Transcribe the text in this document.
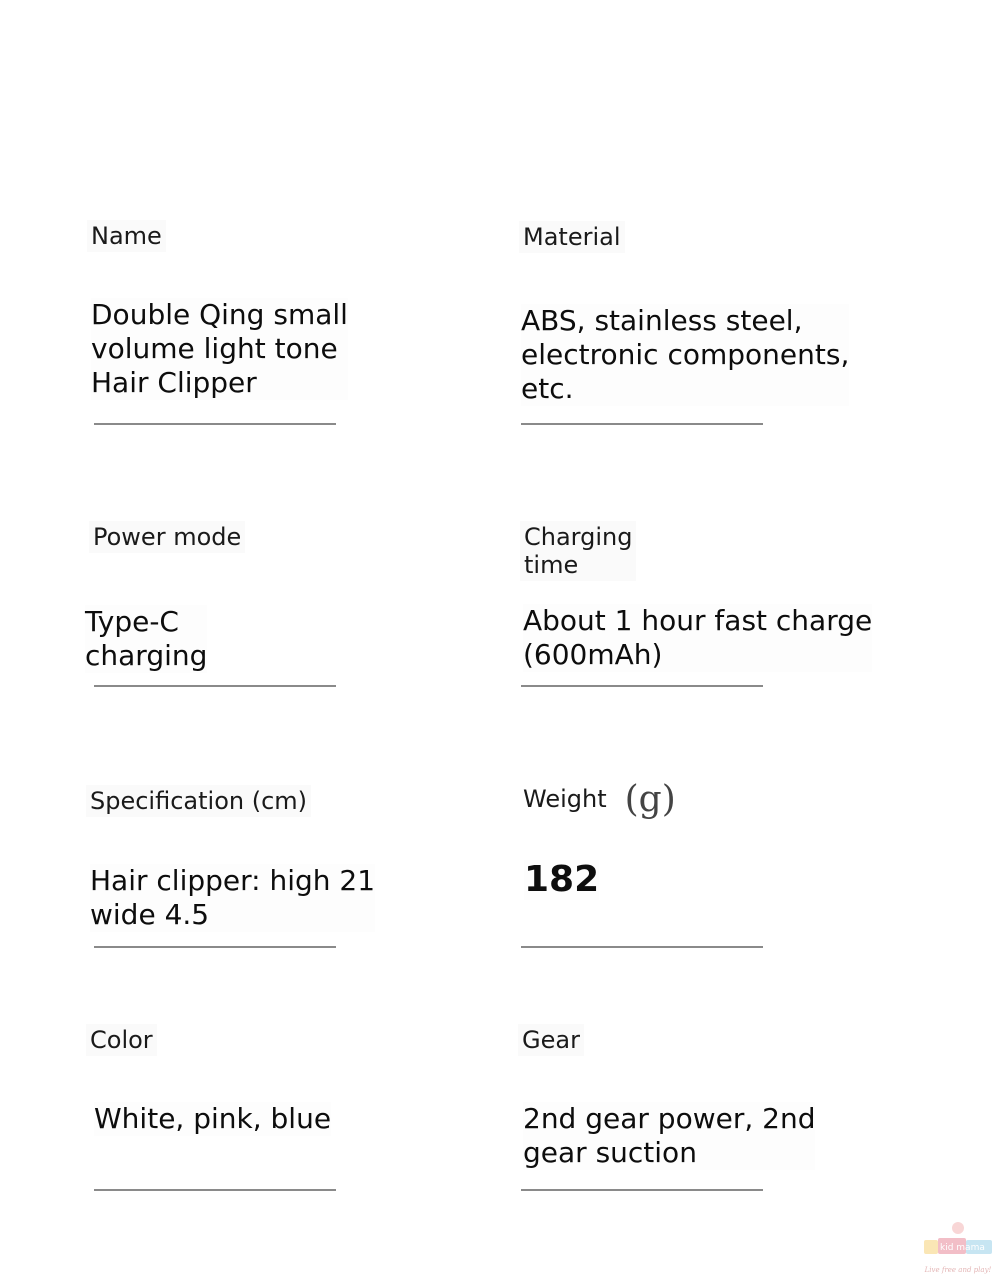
Name
Double Qing small
volume light tone
Hair Clipper
Material
ABS, stainless steel,
electronic components,
etc.
Power mode
Type-C
charging
Charging
time
About 1 hour fast charge
(600mAh)
Specification (cm)
Hair clipper: high 21
wide 4.5
Weight (g)
182
Color
White, pink, blue
Gear
2nd gear power, 2nd
gear suction
kid mama
Live free and play!
